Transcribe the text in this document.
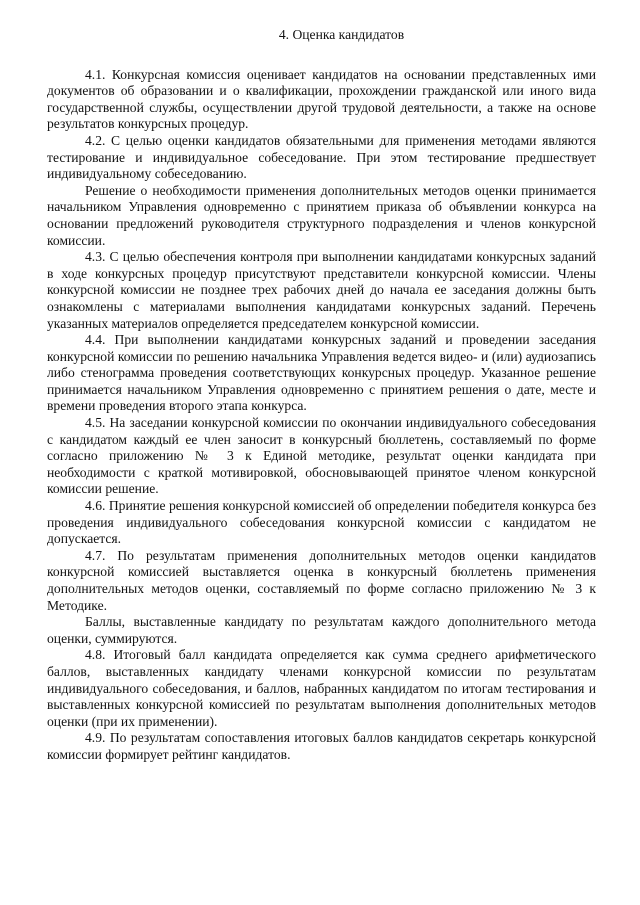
4. Оценка кандидатов

4.1. Конкурсная комиссия оценивает кандидатов на основании представленных ими документов об образовании и о квалификации, прохождении гражданской или иного вида государственной службы, осуществлении другой трудовой деятельности, а также на основе результатов конкурсных процедур.

4.2. С целью оценки кандидатов обязательными для применения методами являются тестирование и индивидуальное собеседование. При этом тестирование предшествует индивидуальному собеседованию.

Решение о необходимости применения дополнительных методов оценки принимается начальником Управления одновременно с принятием приказа об объявлении конкурса на основании предложений руководителя структурного подразделения и членов конкурсной комиссии.

4.3. С целью обеспечения контроля при выполнении кандидатами конкурсных заданий в ходе конкурсных процедур присутствуют представители конкурсной комиссии. Члены конкурсной комиссии не позднее трех рабочих дней до начала ее заседания должны быть ознакомлены с материалами выполнения кандидатами конкурсных заданий. Перечень указанных материалов определяется председателем конкурсной комиссии.

4.4. При выполнении кандидатами конкурсных заданий и проведении заседания конкурсной комиссии по решению начальника Управления ведется видео- и (или) аудиозапись либо стенограмма проведения соответствующих конкурсных процедур. Указанное решение принимается начальником Управления одновременно с принятием решения о дате, месте и времени проведения второго этапа конкурса.

4.5. На заседании конкурсной комиссии по окончании индивидуального собеседования с кандидатом каждый ее член заносит в конкурсный бюллетень, составляемый по форме согласно приложению № 3 к Единой методике, результат оценки кандидата при необходимости с краткой мотивировкой, обосновывающей принятое членом конкурсной комиссии решение.

4.6. Принятие решения конкурсной комиссией об определении победителя конкурса без проведения индивидуального собеседования конкурсной комиссии с кандидатом не допускается.

4.7. По результатам применения дополнительных методов оценки кандидатов конкурсной комиссией выставляется оценка в конкурсный бюллетень применения дополнительных методов оценки, составляемый по форме согласно приложению № 3 к Методике.

Баллы, выставленные кандидату по результатам каждого дополнительного метода оценки, суммируются.

4.8. Итоговый балл кандидата определяется как сумма среднего арифметического баллов, выставленных кандидату членами конкурсной комиссии по результатам индивидуального собеседования, и баллов, набранных кандидатом по итогам тестирования и выставленных конкурсной комиссией по результатам выполнения дополнительных методов оценки (при их применении).

4.9. По результатам сопоставления итоговых баллов кандидатов секретарь конкурсной комиссии формирует рейтинг кандидатов.
